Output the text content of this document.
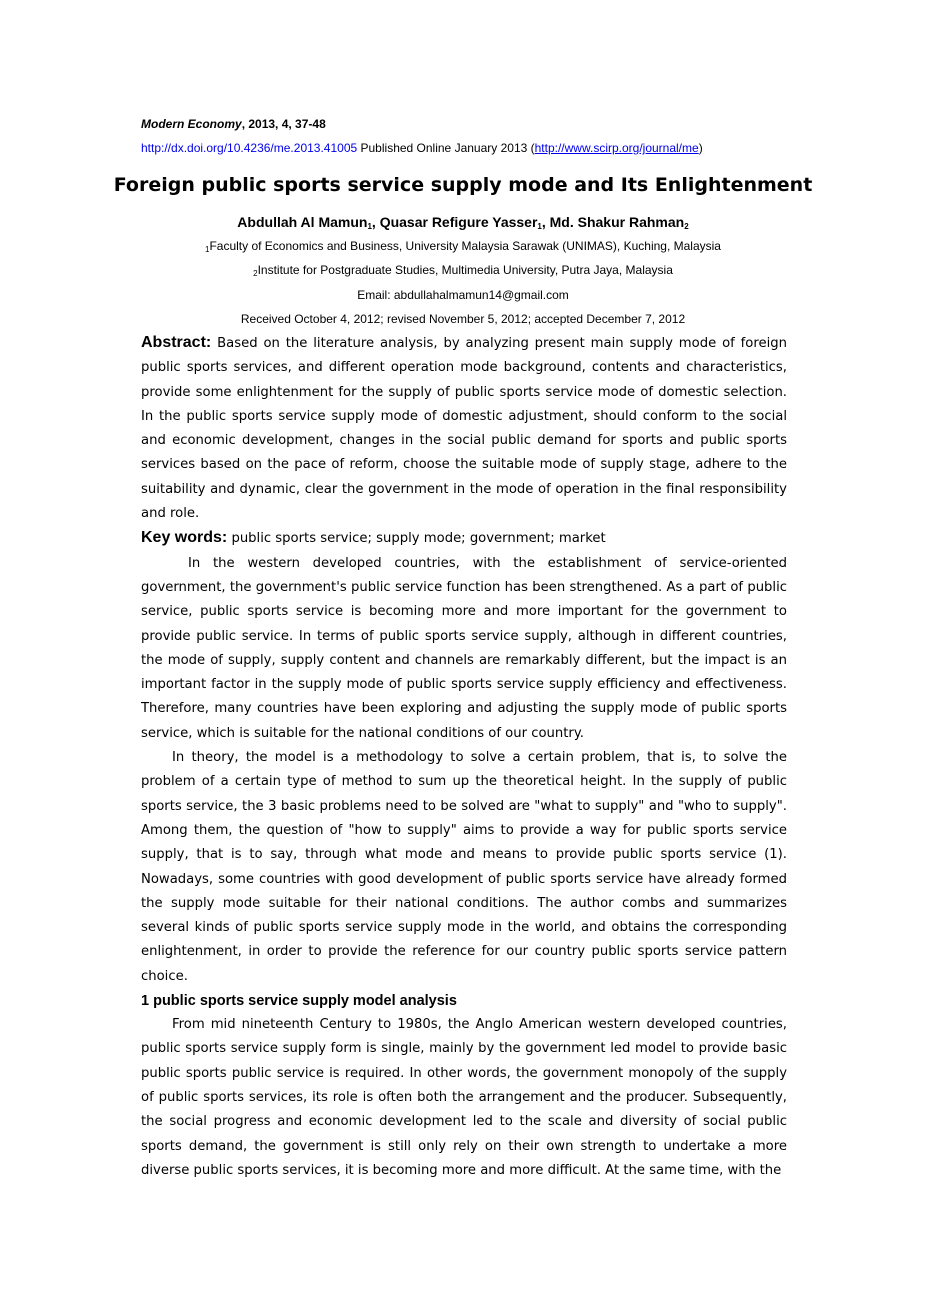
Modern Economy, 2013, 4, 37-48
http://dx.doi.org/10.4236/me.2013.41005 Published Online January 2013 (http://www.scirp.org/journal/me)
Foreign public sports service supply mode and Its Enlightenment
Abdullah Al Mamun$_1$, Quasar Refigure Yasser$_1$, Md. Shakur Rahman$_2$
$_1$Faculty of Economics and Business, University Malaysia Sarawak (UNIMAS), Kuching, Malaysia
$_2$Institute for Postgraduate Studies, Multimedia University, Putra Jaya, Malaysia
Email: abdullahalmamun14@gmail.com
Received October 4, 2012; revised November 5, 2012; accepted December 7, 2012

Abstract: Based on the literature analysis, by analyzing present main supply mode of foreign public sports services, and different operation mode background, contents and characteristics, provide some enlightenment for the supply of public sports service mode of domestic selection. In the public sports service supply mode of domestic adjustment, should conform to the social and economic development, changes in the social public demand for sports and public sports services based on the pace of reform, choose the suitable mode of supply stage, adhere to the suitability and dynamic, clear the government in the mode of operation in the final responsibility and role.

Key words: public sports service; supply mode; government; market

In the western developed countries, with the establishment of service-oriented government, the government's public service function has been strengthened. As a part of public service, public sports service is becoming more and more important for the government to provide public service. In terms of public sports service supply, although in different countries, the mode of supply, supply content and channels are remarkably different, but the impact is an important factor in the supply mode of public sports service supply efficiency and effectiveness. Therefore, many countries have been exploring and adjusting the supply mode of public sports service, which is suitable for the national conditions of our country.

In theory, the model is a methodology to solve a certain problem, that is, to solve the problem of a certain type of method to sum up the theoretical height. In the supply of public sports service, the 3 basic problems need to be solved are "what to supply" and "who to supply". Among them, the question of "how to supply" aims to provide a way for public sports service supply, that is to say, through what mode and means to provide public sports service (1). Nowadays, some countries with good development of public sports service have already formed the supply mode suitable for their national conditions. The author combs and summarizes several kinds of public sports service supply mode in the world, and obtains the corresponding enlightenment, in order to provide the reference for our country public sports service pattern choice.

1 public sports service supply model analysis

From mid nineteenth Century to 1980s, the Anglo American western developed countries, public sports service supply form is single, mainly by the government led model to provide basic public sports public service is required. In other words, the government monopoly of the supply of public sports services, its role is often both the arrangement and the producer. Subsequently, the social progress and economic development led to the scale and diversity of social public sports demand, the government is still only rely on their own strength to undertake a more diverse public sports services, it is becoming more and more difficult. At the same time, with the
